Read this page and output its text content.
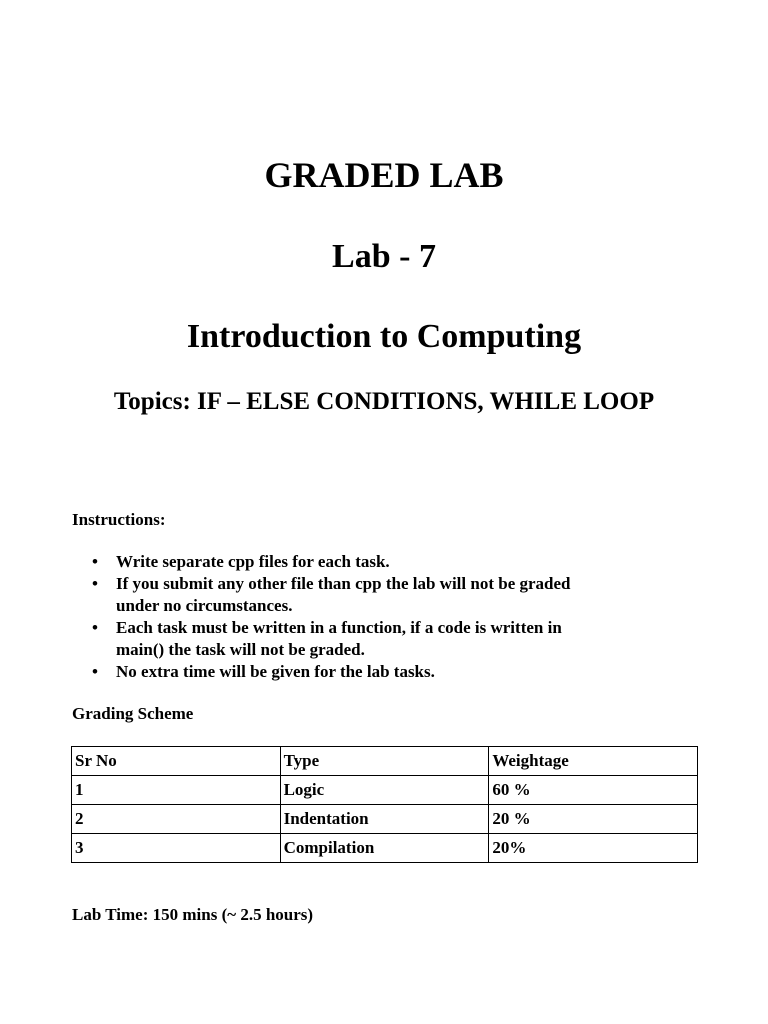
GRADED LAB
Lab - 7
Introduction to Computing
Topics: IF – ELSE CONDITIONS, WHILE LOOP
Instructions:
• Write separate cpp files for each task.
• If you submit any other file than cpp the lab will not be graded
under no circumstances.
• Each task must be written in a function, if a code is written in
main() the task will not be graded.
• No extra time will be given for the lab tasks.
Grading Scheme
Sr No	Type	Weightage
1	Logic	60 %
2	Indentation	20 %
3	Compilation	20%
Lab Time: 150 mins (~ 2.5 hours)
